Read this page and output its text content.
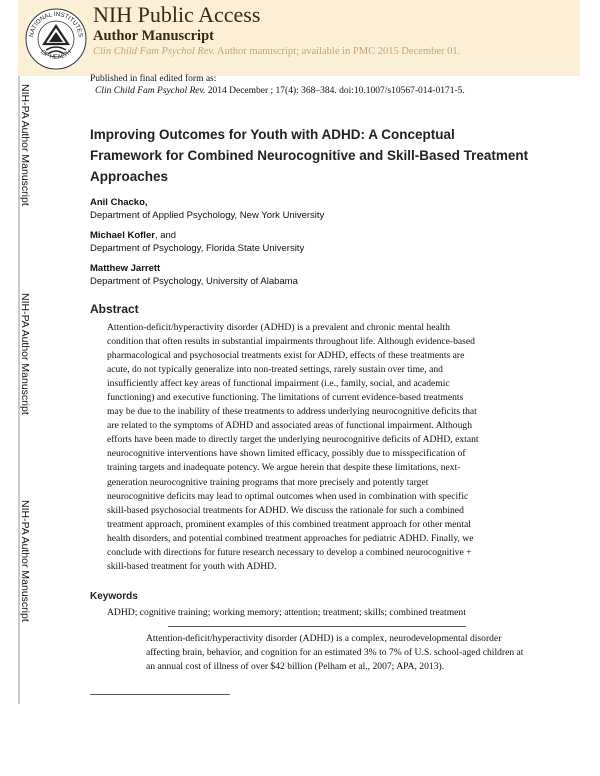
NATIONAL INSTITUTES
OF HEALTH
NIH Public Access
Author Manuscript
Clin Child Fam Psychol Rev. Author manuscript; available in PMC 2015 December 01.
NIH-PA Author Manuscript
NIH-PA Author Manuscript
NIH-PA Author Manuscript
Published in final edited form as:
Clin Child Fam Psychol Rev. 2014 December ; 17(4): 368–384. doi:10.1007/s10567-014-0171-5.
Improving Outcomes for Youth with ADHD: A Conceptual Framework for Combined Neurocognitive and Skill-Based Treatment Approaches
Anil Chacko,
Department of Applied Psychology, New York University
Michael Kofler, and
Department of Psychology, Florida State University
Matthew Jarrett
Department of Psychology, University of Alabama
Abstract
Attention-deficit/hyperactivity disorder (ADHD) is a prevalent and chronic mental health condition that often results in substantial impairments throughout life. Although evidence-based pharmacological and psychosocial treatments exist for ADHD, effects of these treatments are acute, do not typically generalize into non-treated settings, rarely sustain over time, and insufficiently affect key areas of functional impairment (i.e., family, social, and academic functioning) and executive functioning. The limitations of current evidence-based treatments may be due to the inability of these treatments to address underlying neurocognitive deficits that are related to the symptoms of ADHD and associated areas of functional impairment. Although efforts have been made to directly target the underlying neurocognitive deficits of ADHD, extant neurocognitive interventions have shown limited efficacy, possibly due to misspecification of training targets and inadequate potency. We argue herein that despite these limitations, next-generation neurocognitive training programs that more precisely and potently target neurocognitive deficits may lead to optimal outcomes when used in combination with specific skill-based psychosocial treatments for ADHD. We discuss the rationale for such a combined treatment approach, prominent examples of this combined treatment approach for other mental health disorders, and potential combined treatment approaches for pediatric ADHD. Finally, we conclude with directions for future research necessary to develop a combined neurocognitive + skill-based treatment for youth with ADHD.
Keywords
ADHD; cognitive training; working memory; attention; treatment; skills; combined treatment
Attention-deficit/hyperactivity disorder (ADHD) is a complex, neurodevelopmental disorder affecting brain, behavior, and cognition for an estimated 3% to 7% of U.S. school-aged children at an annual cost of illness of over $42 billion (Pelham et al., 2007; APA, 2013).
